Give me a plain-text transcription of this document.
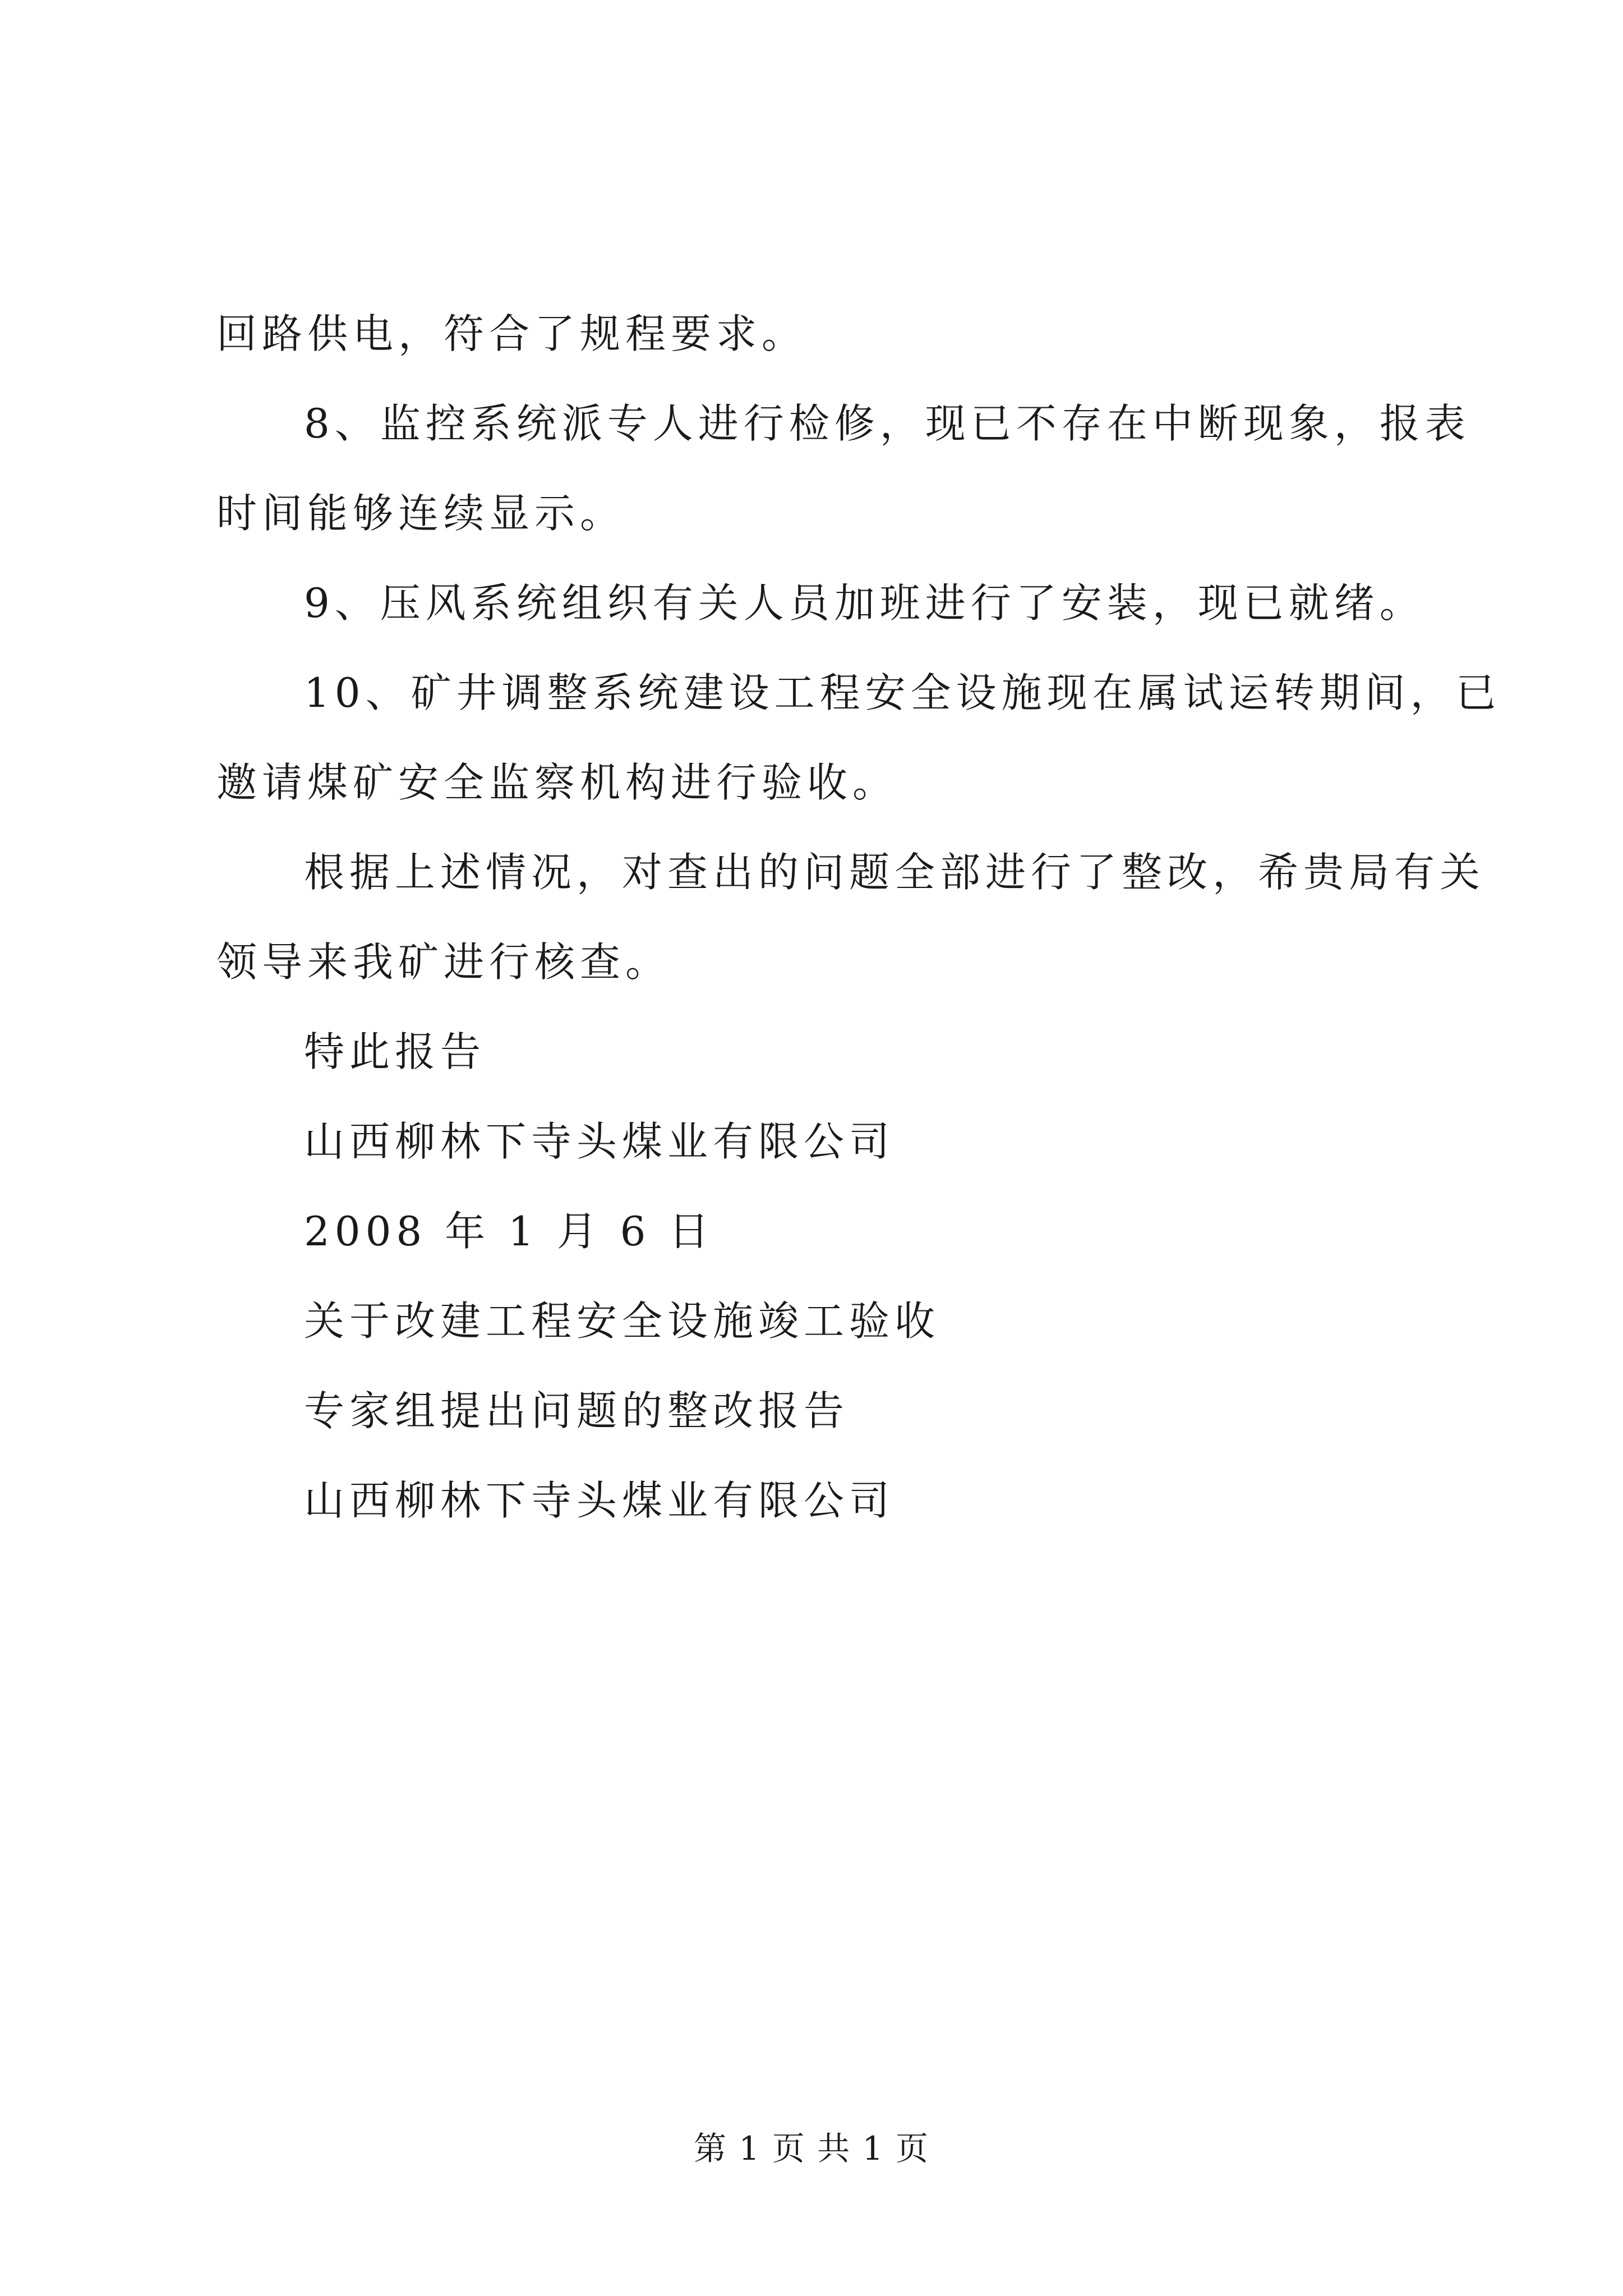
回路供电，符合了规程要求。
8、监控系统派专人进行检修，现已不存在中断现象，报表
时间能够连续显示。
9、压风系统组织有关人员加班进行了安装，现已就绪。
10、矿井调整系统建设工程安全设施现在属试运转期间，已
邀请煤矿安全监察机构进行验收。
根据上述情况，对查出的问题全部进行了整改，希贵局有关
领导来我矿进行核查。
特此报告
山西柳林下寺头煤业有限公司
2008 年 1 月 6 日
关于改建工程安全设施竣工验收
专家组提出问题的整改报告
山西柳林下寺头煤业有限公司
第 1 页 共 1 页
